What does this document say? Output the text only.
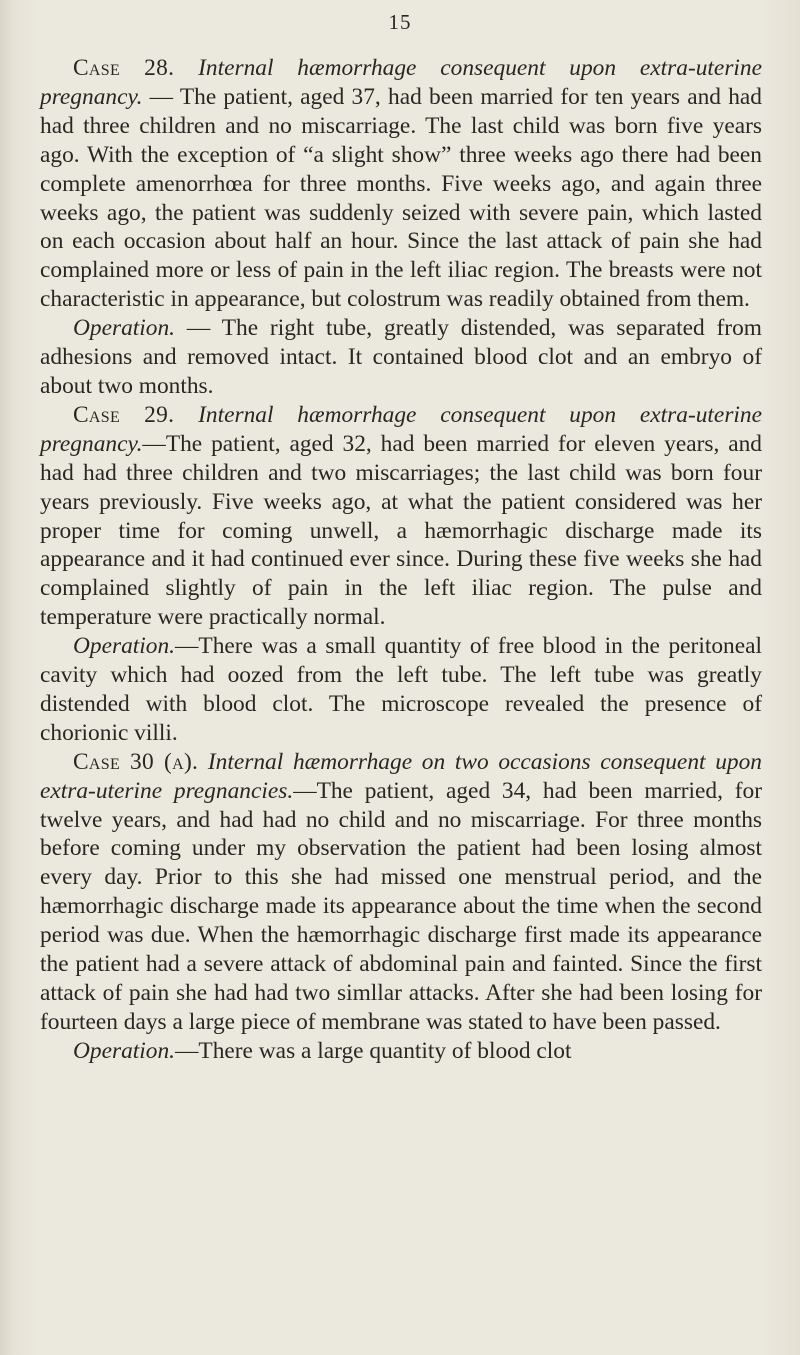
15

Case 28. Internal hæmorrhage consequent upon extra-uterine pregnancy. — The patient, aged 37, had been married for ten years and had had three children and no miscarriage. The last child was born five years ago. With the exception of “a slight show” three weeks ago there had been complete amenorrhœa for three months. Five weeks ago, and again three weeks ago, the patient was suddenly seized with severe pain, which lasted on each occasion about half an hour. Since the last attack of pain she had complained more or less of pain in the left iliac region. The breasts were not characteristic in appearance, but colostrum was readily obtained from them.

Operation. — The right tube, greatly distended, was separated from adhesions and removed intact. It contained blood clot and an embryo of about two months.

Case 29. Internal hæmorrhage consequent upon extra-uterine pregnancy.—The patient, aged 32, had been married for eleven years, and had had three children and two miscarriages; the last child was born four years previously. Five weeks ago, at what the patient considered was her proper time for coming unwell, a hæmorrhagic discharge made its appearance and it had continued ever since. During these five weeks she had complained slightly of pain in the left iliac region. The pulse and temperature were practically normal.

Operation.—There was a small quantity of free blood in the peritoneal cavity which had oozed from the left tube. The left tube was greatly distended with blood clot. The microscope revealed the presence of chorionic villi.

Case 30 (a). Internal hæmorrhage on two occasions consequent upon extra-uterine pregnancies.—The patient, aged 34, had been married, for twelve years, and had had no child and no miscarriage. For three months before coming under my observation the patient had been losing almost every day. Prior to this she had missed one menstrual period, and the hæmorrhagic discharge made its appearance about the time when the second period was due. When the hæmorrhagic discharge first made its appearance the patient had a severe attack of abdominal pain and fainted. Since the first attack of pain she had had two simllar attacks. After she had been losing for fourteen days a large piece of membrane was stated to have been passed.

Operation.—There was a large quantity of blood clot
